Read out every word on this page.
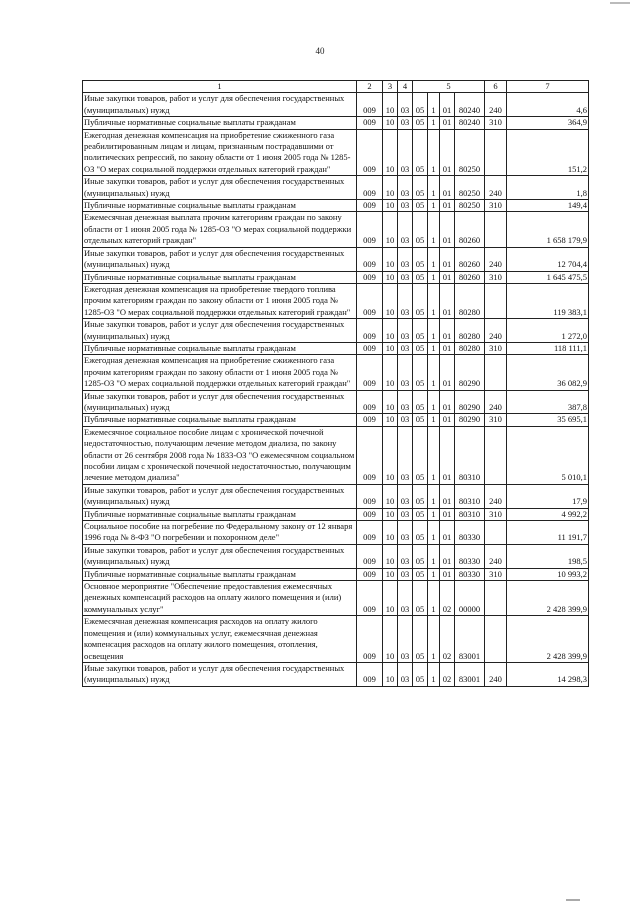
40
1	2	3	4	5				6	7
Иные закупки товаров, работ и услуг для обеспечения государственных (муниципальных) нужд	009	10	03	05	1	01	80240	240	4,6
Публичные нормативные социальные выплаты гражданам	009	10	03	05	1	01	80240	310	364,9
Ежегодная денежная компенсация на приобретение сжиженного газа реабилитированным лицам и лицам, признанным пострадавшими от политических репрессий, по закону области от 1 июня 2005 года № 1285-ОЗ "О мерах социальной поддержки отдельных категорий граждан"	009	10	03	05	1	01	80250		151,2
Иные закупки товаров, работ и услуг для обеспечения государственных (муниципальных) нужд	009	10	03	05	1	01	80250	240	1,8
Публичные нормативные социальные выплаты гражданам	009	10	03	05	1	01	80250	310	149,4
Ежемесячная денежная выплата прочим категориям граждан по закону области от 1 июня 2005 года № 1285-ОЗ "О мерах социальной поддержки отдельных категорий граждан"	009	10	03	05	1	01	80260		1 658 179,9
Иные закупки товаров, работ и услуг для обеспечения государственных (муниципальных) нужд	009	10	03	05	1	01	80260	240	12 704,4
Публичные нормативные социальные выплаты гражданам	009	10	03	05	1	01	80260	310	1 645 475,5
Ежегодная денежная компенсация на приобретение твердого топлива прочим категориям граждан по закону области от 1 июня 2005 года № 1285-ОЗ "О мерах социальной поддержки отдельных категорий граждан"	009	10	03	05	1	01	80280		119 383,1
Иные закупки товаров, работ и услуг для обеспечения государственных (муниципальных) нужд	009	10	03	05	1	01	80280	240	1 272,0
Публичные нормативные социальные выплаты гражданам	009	10	03	05	1	01	80280	310	118 111,1
Ежегодная денежная компенсация на приобретение сжиженного газа прочим категориям граждан по закону области от 1 июня 2005 года № 1285-ОЗ "О мерах социальной поддержки отдельных категорий граждан"	009	10	03	05	1	01	80290		36 082,9
Иные закупки товаров, работ и услуг для обеспечения государственных (муниципальных) нужд	009	10	03	05	1	01	80290	240	387,8
Публичные нормативные социальные выплаты гражданам	009	10	03	05	1	01	80290	310	35 695,1
Ежемесячное социальное пособие лицам с хронической почечной недостаточностью, получающим лечение методом диализа, по закону области от 26 сентября 2008 года № 1833-ОЗ "О ежемесячном социальном пособии лицам с хронической почечной недостаточностью, получающим лечение методом диализа"	009	10	03	05	1	01	80310		5 010,1
Иные закупки товаров, работ и услуг для обеспечения государственных (муниципальных) нужд	009	10	03	05	1	01	80310	240	17,9
Публичные нормативные социальные выплаты гражданам	009	10	03	05	1	01	80310	310	4 992,2
Социальное пособие на погребение по Федеральному закону от 12 января 1996 года № 8-ФЗ "О погребении и похоронном деле"	009	10	03	05	1	01	80330		11 191,7
Иные закупки товаров, работ и услуг для обеспечения государственных (муниципальных) нужд	009	10	03	05	1	01	80330	240	198,5
Публичные нормативные социальные выплаты гражданам	009	10	03	05	1	01	80330	310	10 993,2
Основное мероприятие "Обеспечение предоставления ежемесячных денежных компенсаций расходов на оплату жилого помещения и (или) коммунальных услуг"	009	10	03	05	1	02	00000		2 428 399,9
Ежемесячная денежная компенсация расходов на оплату жилого помещения и (или) коммунальных услуг, ежемесячная денежная компенсация расходов на оплату жилого помещения, отопления, освещения	009	10	03	05	1	02	83001		2 428 399,9
Иные закупки товаров, работ и услуг для обеспечения государственных (муниципальных) нужд	009	10	03	05	1	02	83001	240	14 298,3
